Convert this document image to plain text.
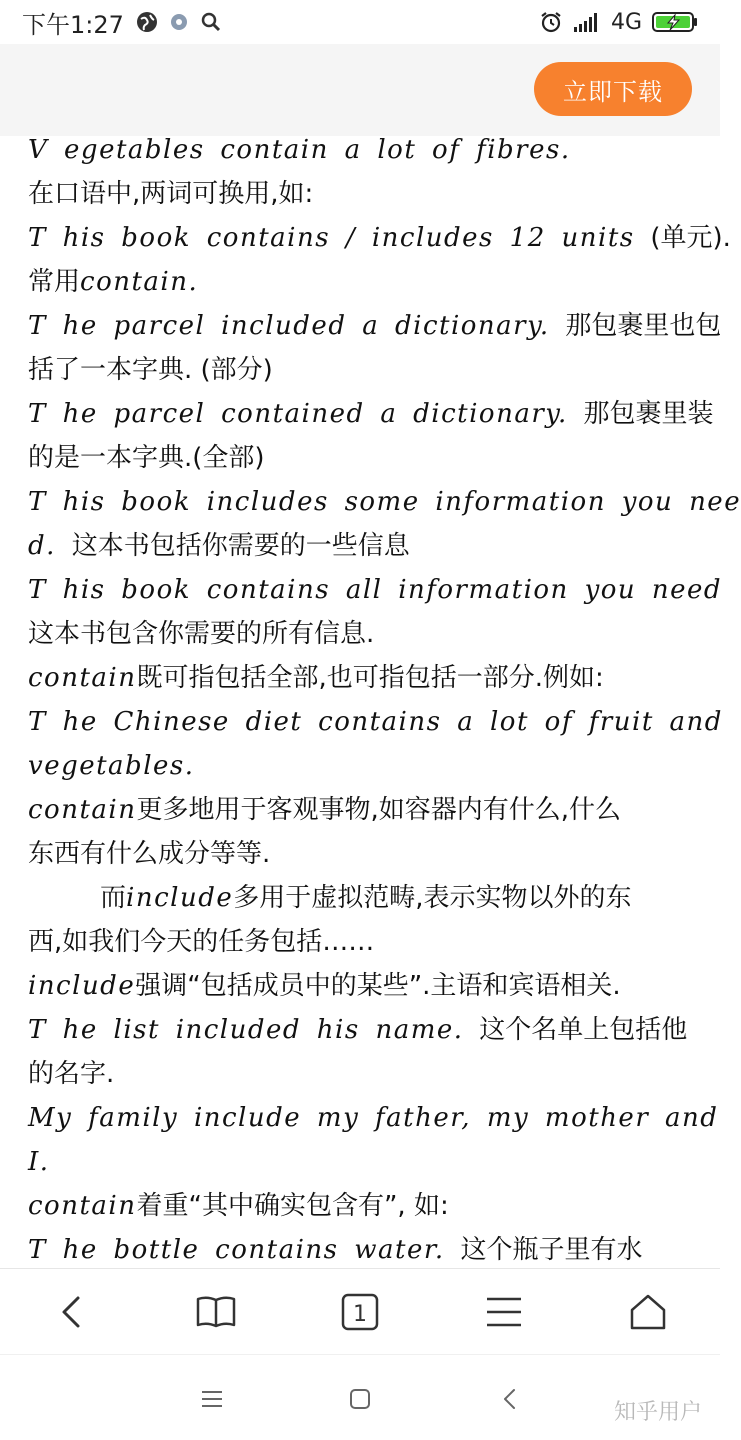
下午1:27	4G
立即下载
V egetables contain a lot of fibres.
在口语中,两词可换用,如:
T his book contains / includes 12 units (单元).
常用contain.
T he parcel included a dictionary. 那包裹里也包
括了一本字典. (部分)
T he parcel contained a dictionary. 那包裹里装
的是一本字典.(全部)
T his book includes some information you nee
d. 这本书包括你需要的一些信息
T his book contains all information you need
这本书包含你需要的所有信息.
contain既可指包括全部,也可指包括一部分.例如:
T he Chinese diet contains a lot of fruit and
vegetables.
contain更多地用于客观事物,如容器内有什么,什么
东西有什么成分等等.
而include多用于虚拟范畴,表示实物以外的东
西,如我们今天的任务包括……
include强调“包括成员中的某些”.主语和宾语相关.
T he list included his name. 这个名单上包括他
的名字.
My family include my father, my mother and
I.
contain着重“其中确实包含有”, 如:
T he bottle contains water. 这个瓶子里有水
1
知乎用户
